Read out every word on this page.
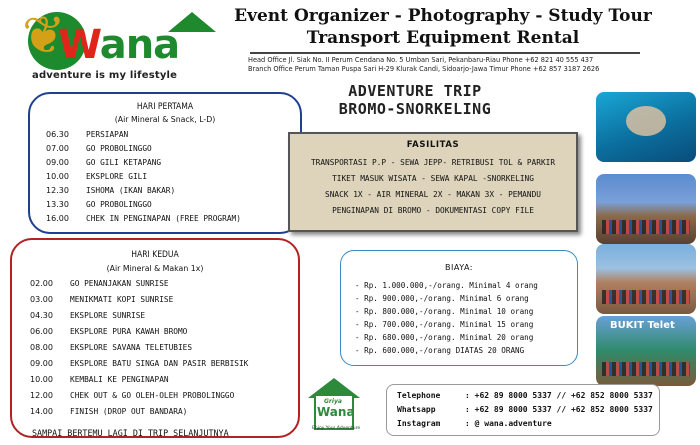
❦
Wana
adventure is my lifestyle
Event Organizer - Photography - Study Tour
Transport Equipment Rental
Head Office Jl. Siak No. II Perum Cendana No. 5 Umban Sari, Pekanbaru-Riau Phone +62 821 40 555 437
Branch Office Perum Taman Puspa Sari H-29 Klurak Candi, Sidoarjo-Jawa Timur Phone +62 857 3187 2626
ADVENTURE TRIP
BROMO-SNORKELING
HARI PERTAMA
(Air Mineral & Snack, L-D)
06.30 PERSIAPAN
07.00 GO PROBOLINGGO
09.00 GO GILI KETAPANG
10.00 EKSPLORE GILI
12.30 ISHOMA (IKAN BAKAR)
13.30 GO PROBOLINGGO
16.00 CHEK IN PENGINAPAN (FREE PROGRAM)
HARI KEDUA
(Air Mineral & Makan 1x)
02.00 GO PENANJAKAN SUNRISE
03.00 MENIKMATI KOPI SUNRISE
04.30 EKSPLORE SUNRISE
06.00 EKSPLORE PURA KAWAH BROMO
08.00 EKSPLORE SAVANA TELETUBIES
09.00 EKSPLORE BATU SINGA DAN PASIR BERBISIK
10.00 KEMBALI KE PENGINAPAN
12.00 CHEK OUT & GO OLEH-OLEH PROBOLINGGO
14.00 FINISH (DROP OUT BANDARA)
SAMPAI BERTEMU LAGI DI TRIP SELANJUTNYA
FASILITAS
TRANSPORTASI P.P - SEWA JEPP- RETRIBUSI TOL & PARKIR
TIKET MASUK WISATA - SEWA KAPAL -SNORKELING
SNACK 1X - AIR MINERAL 2X - MAKAN 3X - PEMANDU
PENGINAPAN DI BROMO - DOKUMENTASI COPY FILE
BIAYA:
- Rp. 1.000.000,-/orang. Minimal 4 orang
- Rp. 900.000,-/orang. Minimal 6 orang
- Rp. 800.000,-/orang. Minimal 10 orang
- Rp. 700.000,-/orang. Minimal 15 orang
- Rp. 680.000,-/orang. Minimal 20 orang
- Rp. 600.000,-/orang DIATAS 20 ORANG
BUKIT Telet
Griya
Wana
Enjoy Your Adventure
Telephone	: +62 89 8000 5337 // +62 852 8000 5337
Whatsapp	: +62 89 8000 5337 // +62 852 8000 5337
Instagram	: @ wana.adventure
